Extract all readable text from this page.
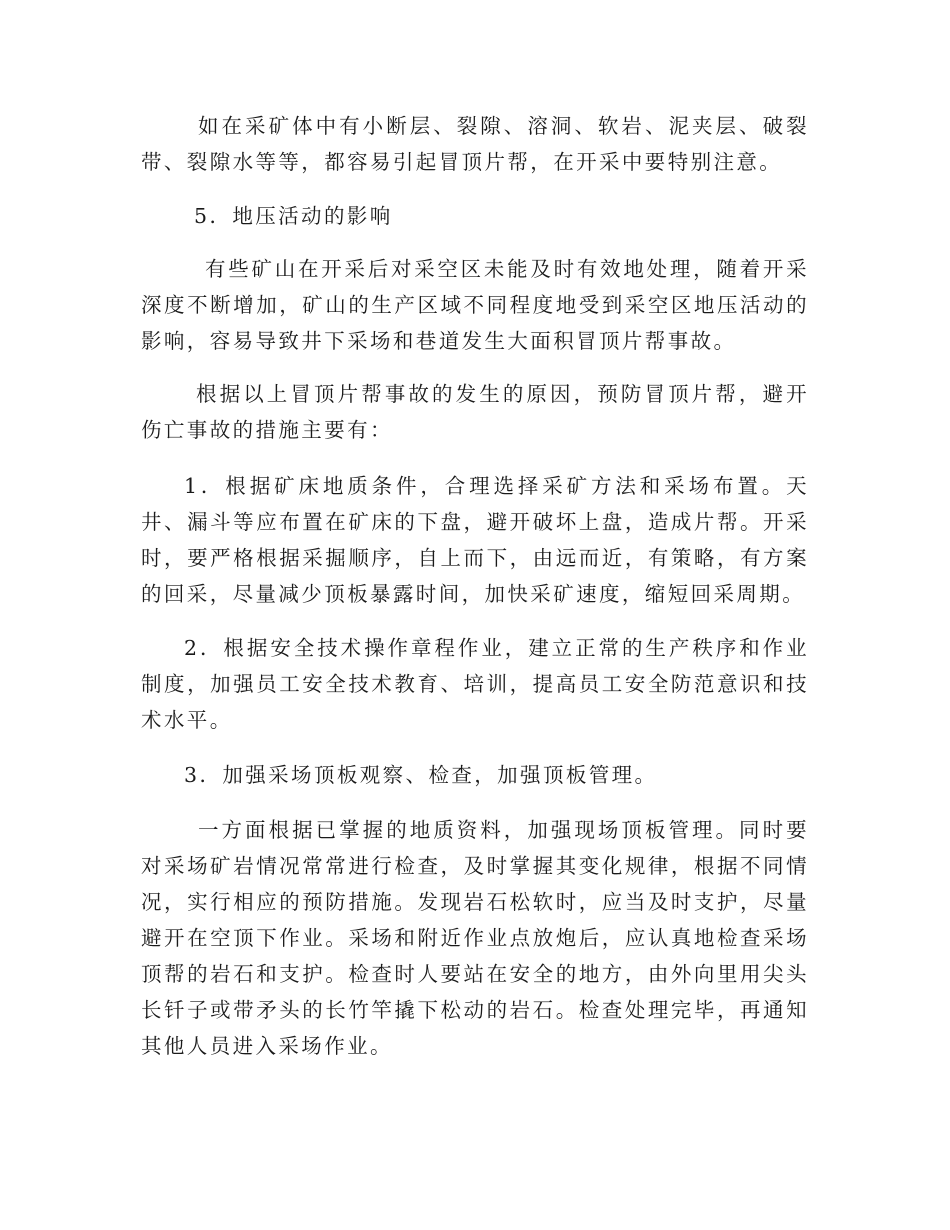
如在采矿体中有小断层、裂隙、溶洞、软岩、泥夹层、破裂带、裂隙水等等，都容易引起冒顶片帮，在开采中要特别注意。

5．地压活动的影响

有些矿山在开采后对采空区未能及时有效地处理，随着开采深度不断增加，矿山的生产区域不同程度地受到采空区地压活动的影响，容易导致井下采场和巷道发生大面积冒顶片帮事故。

根据以上冒顶片帮事故的发生的原因，预防冒顶片帮，避开伤亡事故的措施主要有：

1．根据矿床地质条件，合理选择采矿方法和采场布置。天井、漏斗等应布置在矿床的下盘，避开破坏上盘，造成片帮。开采时，要严格根据采掘顺序，自上而下，由远而近，有策略，有方案的回采，尽量减少顶板暴露时间，加快采矿速度，缩短回采周期。

2．根据安全技术操作章程作业，建立正常的生产秩序和作业制度，加强员工安全技术教育、培训，提高员工安全防范意识和技术水平。

3．加强采场顶板观察、检查，加强顶板管理。

一方面根据已掌握的地质资料，加强现场顶板管理。同时要对采场矿岩情况常常进行检查，及时掌握其变化规律，根据不同情况，实行相应的预防措施。发现岩石松软时，应当及时支护，尽量避开在空顶下作业。采场和附近作业点放炮后，应认真地检查采场顶帮的岩石和支护。检查时人要站在安全的地方，由外向里用尖头长钎子或带矛头的长竹竿撬下松动的岩石。检查处理完毕，再通知其他人员进入采场作业。
